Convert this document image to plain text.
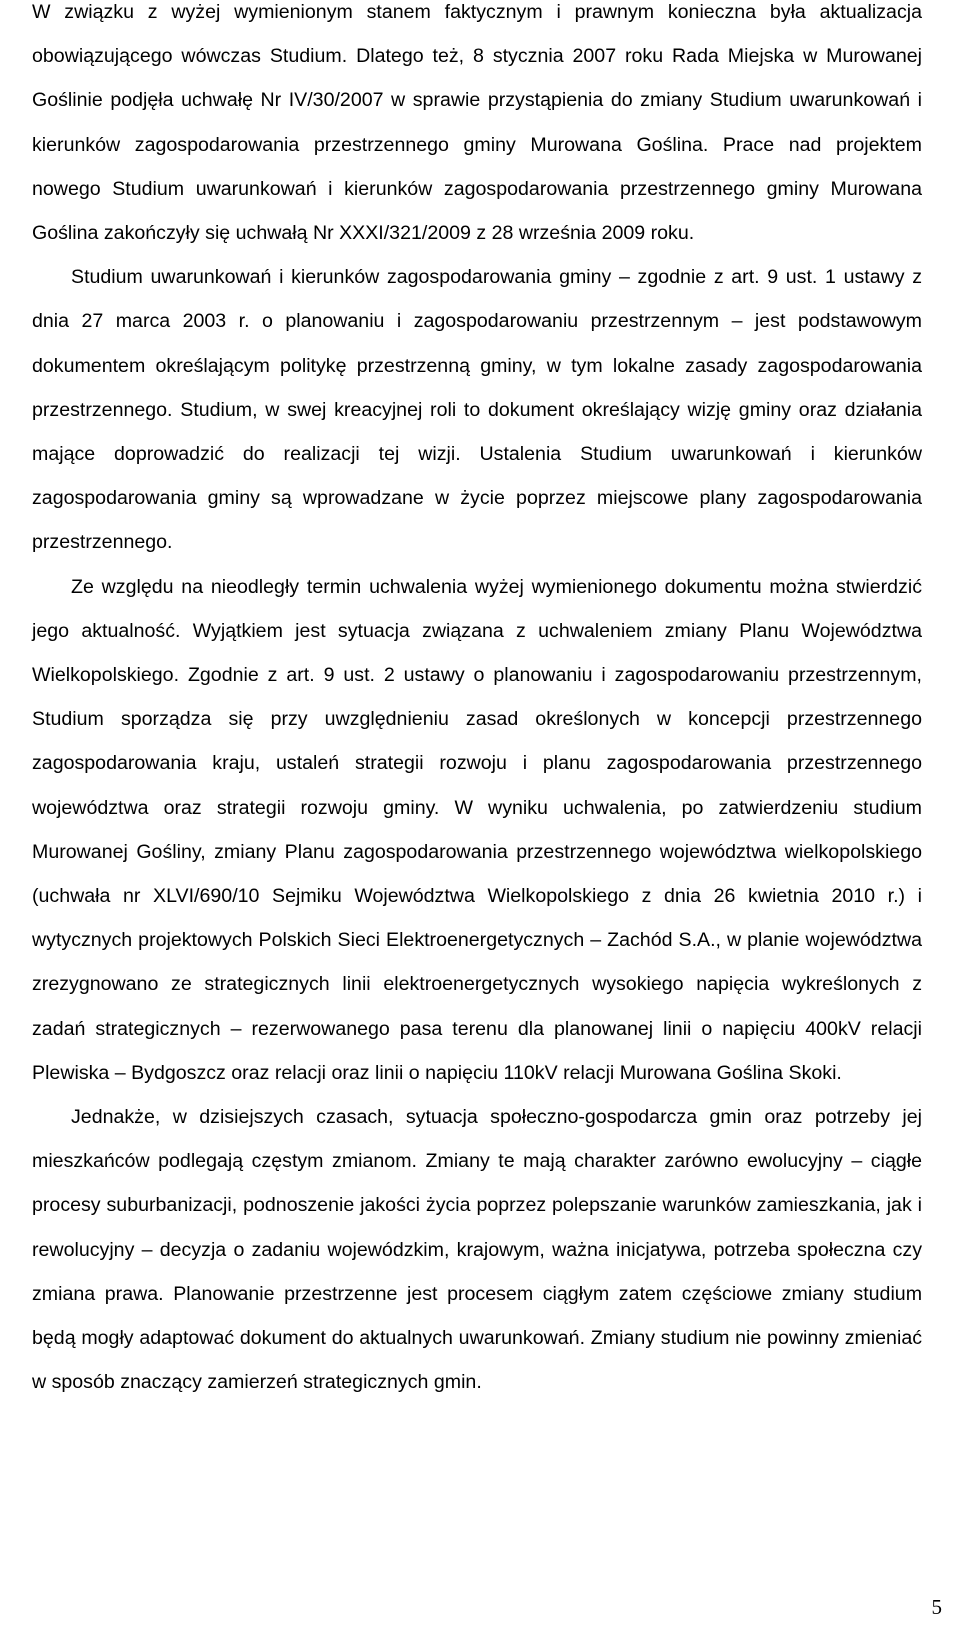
W związku z wyżej wymienionym stanem faktycznym i prawnym konieczna była aktualizacja obowiązującego wówczas Studium. Dlatego też, 8 stycznia 2007 roku Rada Miejska w Murowanej Goślinie podjęła uchwałę Nr IV/30/2007 w sprawie przystąpienia do zmiany Studium uwarunkowań i kierunków zagospodarowania przestrzennego gminy Murowana Goślina. Prace nad projektem nowego Studium uwarunkowań i kierunków zagospodarowania przestrzennego gminy Murowana Goślina zakończyły się uchwałą Nr XXXI/321/2009 z 28 września 2009 roku.

Studium uwarunkowań i kierunków zagospodarowania gminy – zgodnie z art. 9 ust. 1 ustawy z dnia 27 marca 2003 r. o planowaniu i zagospodarowaniu przestrzennym – jest podstawowym dokumentem określającym politykę przestrzenną gminy, w tym lokalne zasady zagospodarowania przestrzennego. Studium, w swej kreacyjnej roli to dokument określający wizję gminy oraz działania mające doprowadzić do realizacji tej wizji. Ustalenia Studium uwarunkowań i kierunków zagospodarowania gminy są wprowadzane w życie poprzez miejscowe plany zagospodarowania przestrzennego.

Ze względu na nieodległy termin uchwalenia wyżej wymienionego dokumentu można stwierdzić jego aktualność. Wyjątkiem jest sytuacja związana z uchwaleniem zmiany Planu Województwa Wielkopolskiego. Zgodnie z art. 9 ust. 2 ustawy o planowaniu i zagospodarowaniu przestrzennym, Studium sporządza się przy uwzględnieniu zasad określonych w koncepcji przestrzennego zagospodarowania kraju, ustaleń strategii rozwoju i planu zagospodarowania przestrzennego województwa oraz strategii rozwoju gminy. W wyniku uchwalenia, po zatwierdzeniu studium Murowanej Gośliny, zmiany Planu zagospodarowania przestrzennego województwa wielkopolskiego (uchwała nr XLVI/690/10 Sejmiku Województwa Wielkopolskiego z dnia 26 kwietnia 2010 r.) i wytycznych projektowych Polskich Sieci Elektroenergetycznych – Zachód S.A., w planie województwa zrezygnowano ze strategicznych linii elektroenergetycznych wysokiego napięcia wykreślonych z zadań strategicznych – rezerwowanego pasa terenu dla planowanej linii o napięciu 400kV relacji Plewiska – Bydgoszcz oraz relacji oraz linii o napięciu 110kV relacji Murowana Goślina Skoki.

Jednakże, w dzisiejszych czasach, sytuacja społeczno-gospodarcza gmin oraz potrzeby jej mieszkańców podlegają częstym zmianom. Zmiany te mają charakter zarówno ewolucyjny – ciągłe procesy suburbanizacji, podnoszenie jakości życia poprzez polepszanie warunków zamieszkania, jak i rewolucyjny – decyzja o zadaniu wojewódzkim, krajowym, ważna inicjatywa, potrzeba społeczna czy zmiana prawa. Planowanie przestrzenne jest procesem ciągłym zatem częściowe zmiany studium będą mogły adaptować dokument do aktualnych uwarunkowań. Zmiany studium nie powinny zmieniać w sposób znaczący zamierzeń strategicznych gmin.

5
